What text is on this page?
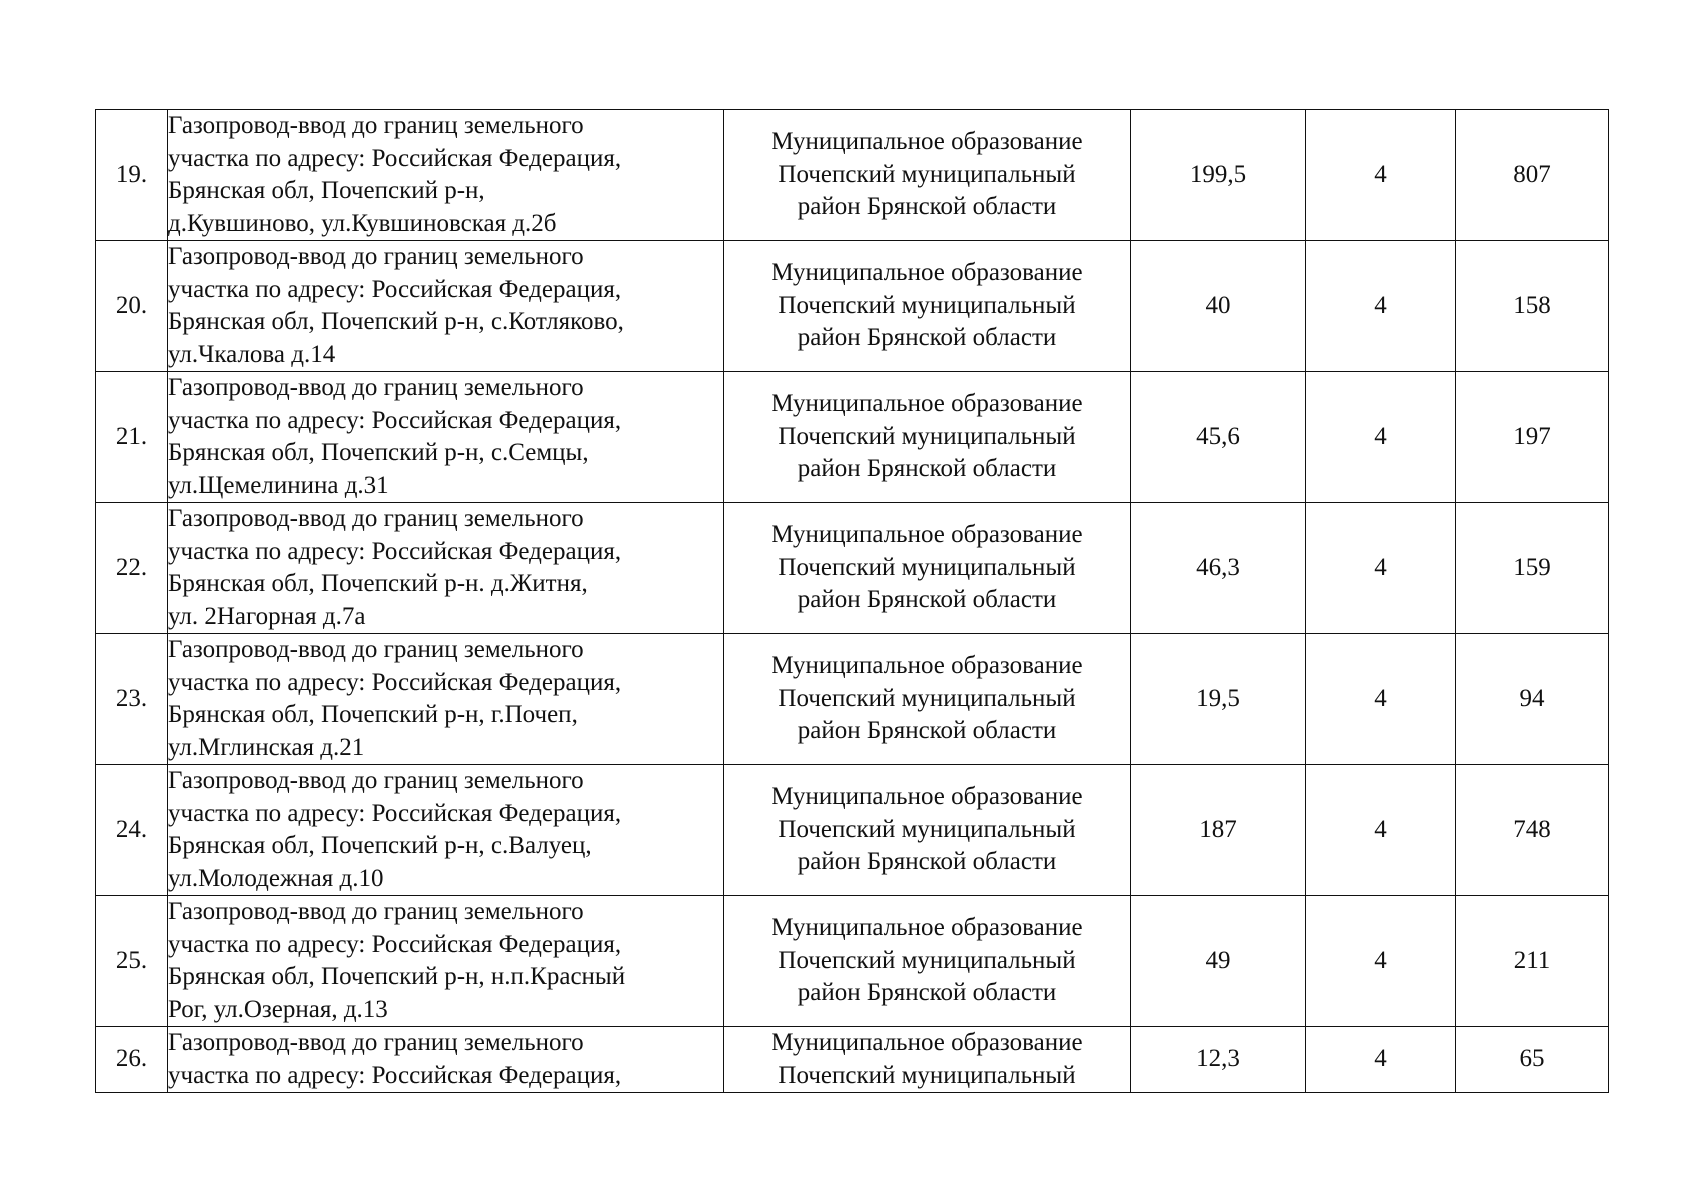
19.	Газопровод-ввод до границ земельного
участка по адресу: Российская Федерация,
Брянская обл, Почепский р-н,
д.Кувшиново, ул.Кувшиновская д.2б	Муниципальное образование
Почепский муниципальный
район Брянской области	199,5	4	807
20.	Газопровод-ввод до границ земельного
участка по адресу: Российская Федерация,
Брянская обл, Почепский р-н, с.Котляково,
ул.Чкалова д.14	Муниципальное образование
Почепский муниципальный
район Брянской области	40	4	158
21.	Газопровод-ввод до границ земельного
участка по адресу: Российская Федерация,
Брянская обл, Почепский р-н, с.Семцы,
ул.Щемелинина д.31	Муниципальное образование
Почепский муниципальный
район Брянской области	45,6	4	197
22.	Газопровод-ввод до границ земельного
участка по адресу: Российская Федерация,
Брянская обл, Почепский р-н. д.Житня,
ул. 2Нагорная д.7а	Муниципальное образование
Почепский муниципальный
район Брянской области	46,3	4	159
23.	Газопровод-ввод до границ земельного
участка по адресу: Российская Федерация,
Брянская обл, Почепский р-н, г.Почеп,
ул.Мглинская д.21	Муниципальное образование
Почепский муниципальный
район Брянской области	19,5	4	94
24.	Газопровод-ввод до границ земельного
участка по адресу: Российская Федерация,
Брянская обл, Почепский р-н, с.Валуец,
ул.Молодежная д.10	Муниципальное образование
Почепский муниципальный
район Брянской области	187	4	748
25.	Газопровод-ввод до границ земельного
участка по адресу: Российская Федерация,
Брянская обл, Почепский р-н, н.п.Красный
Рог, ул.Озерная, д.13	Муниципальное образование
Почепский муниципальный
район Брянской области	49	4	211
26.	Газопровод-ввод до границ земельного
участка по адресу: Российская Федерация,	Муниципальное образование
Почепский муниципальный	12,3	4	65
